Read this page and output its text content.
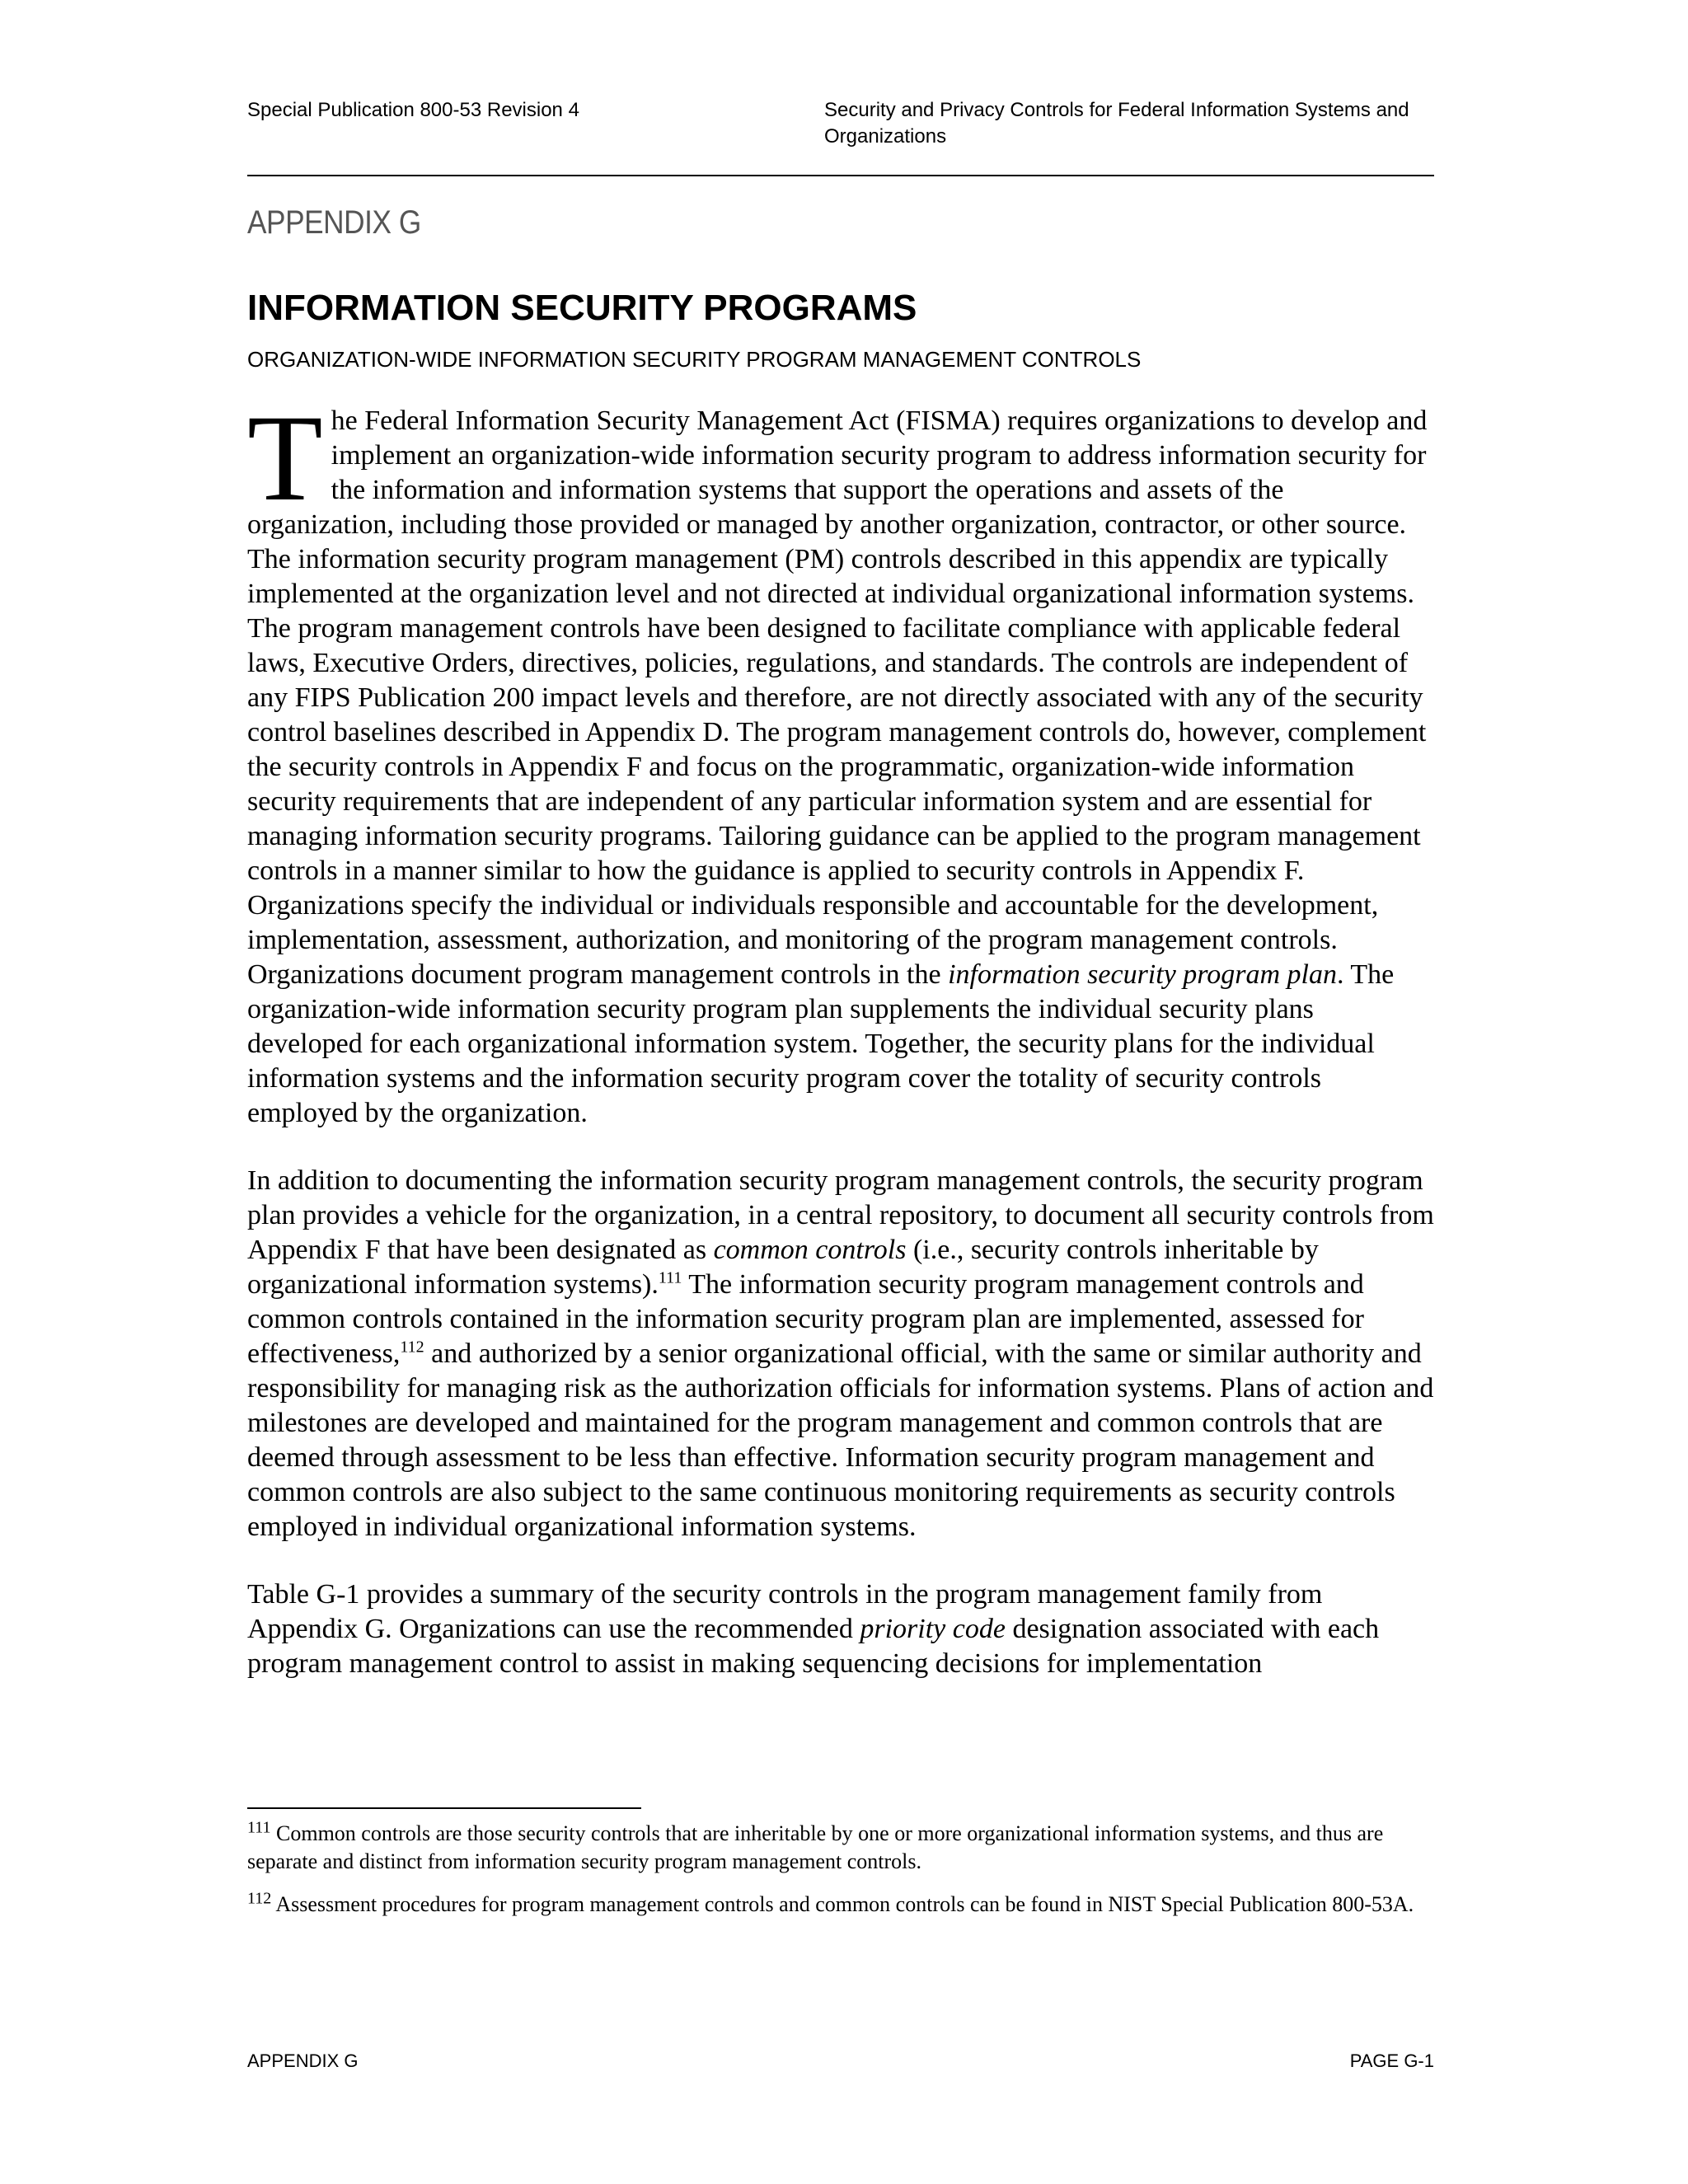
Special Publication 800-53 Revision 4	Security and Privacy Controls for Federal Information Systems and Organizations
APPENDIX G
INFORMATION SECURITY PROGRAMS
ORGANIZATION-WIDE INFORMATION SECURITY PROGRAM MANAGEMENT CONTROLS

The Federal Information Security Management Act (FISMA) requires organizations to develop and implement an organization-wide information security program to address information security for the information and information systems that support the operations and assets of the organization, including those provided or managed by another organization, contractor, or other source. The information security program management (PM) controls described in this appendix are typically implemented at the organization level and not directed at individual organizational information systems. The program management controls have been designed to facilitate compliance with applicable federal laws, Executive Orders, directives, policies, regulations, and standards. The controls are independent of any FIPS Publication 200 impact levels and therefore, are not directly associated with any of the security control baselines described in Appendix D. The program management controls do, however, complement the security controls in Appendix F and focus on the programmatic, organization-wide information security requirements that are independent of any particular information system and are essential for managing information security programs. Tailoring guidance can be applied to the program management controls in a manner similar to how the guidance is applied to security controls in Appendix F. Organizations specify the individual or individuals responsible and accountable for the development, implementation, assessment, authorization, and monitoring of the program management controls. Organizations document program management controls in the information security program plan. The organization-wide information security program plan supplements the individual security plans developed for each organizational information system. Together, the security plans for the individual information systems and the information security program cover the totality of security controls employed by the organization.

In addition to documenting the information security program management controls, the security program plan provides a vehicle for the organization, in a central repository, to document all security controls from Appendix F that have been designated as common controls (i.e., security controls inheritable by organizational information systems).$^{111}$ The information security program management controls and common controls contained in the information security program plan are implemented, assessed for effectiveness,$^{112}$ and authorized by a senior organizational official, with the same or similar authority and responsibility for managing risk as the authorization officials for information systems. Plans of action and milestones are developed and maintained for the program management and common controls that are deemed through assessment to be less than effective. Information security program management and common controls are also subject to the same continuous monitoring requirements as security controls employed in individual organizational information systems.

Table G-1 provides a summary of the security controls in the program management family from Appendix G. Organizations can use the recommended priority code designation associated with each program management control to assist in making sequencing decisions for implementation

$^{111}$ Common controls are those security controls that are inheritable by one or more organizational information systems, and thus are separate and distinct from information security program management controls.

$^{112}$ Assessment procedures for program management controls and common controls can be found in NIST Special Publication 800-53A.

APPENDIX G	PAGE G-1
